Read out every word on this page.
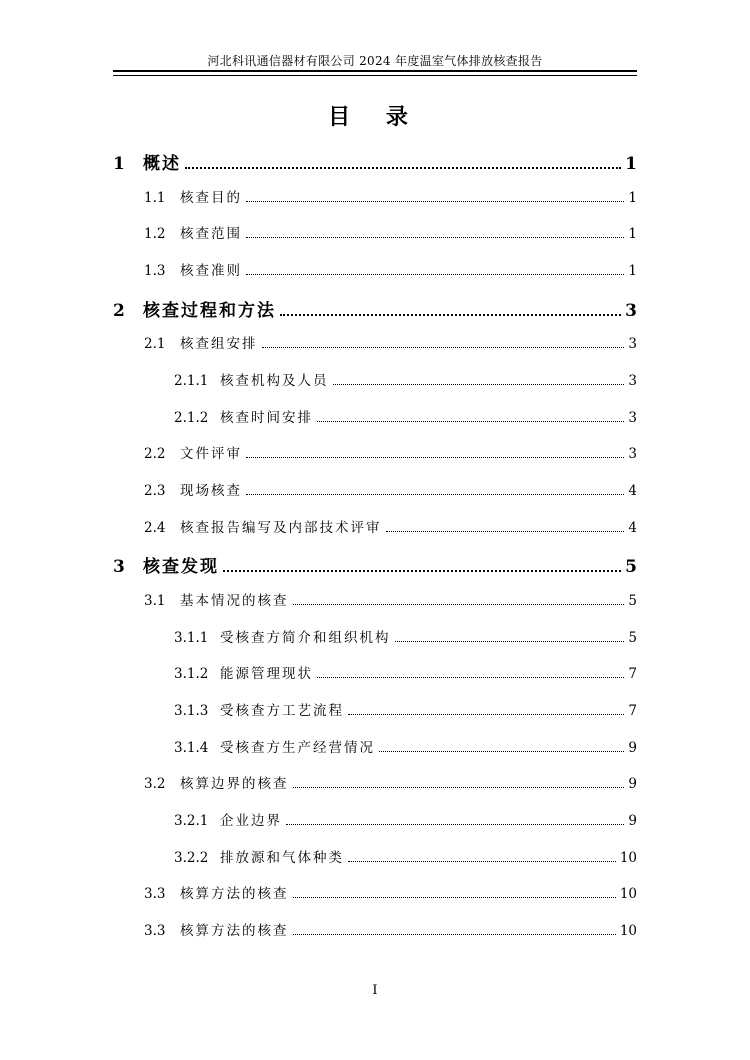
河北科讯通信器材有限公司 2024 年度温室气体排放核查报告
目 录
1	概述	1
1.1	核查目的	1
1.2	核查范围	1
1.3	核查准则	1
2	核查过程和方法	3
2.1	核查组安排	3
2.1.1 核查机构及人员	3
2.1.2 核查时间安排	3
2.2	文件评审	3
2.3	现场核查	4
2.4	核查报告编写及内部技术评审	4
3	核查发现	5
3.1	基本情况的核查	5
3.1.1 受核查方简介和组织机构	5
3.1.2 能源管理现状	7
3.1.3 受核查方工艺流程	7
3.1.4 受核查方生产经营情况	9
3.2	核算边界的核查	9
3.2.1 企业边界	9
3.2.2 排放源和气体种类	10
3.3	核算方法的核查	10
3.3	核算方法的核查	10
I
